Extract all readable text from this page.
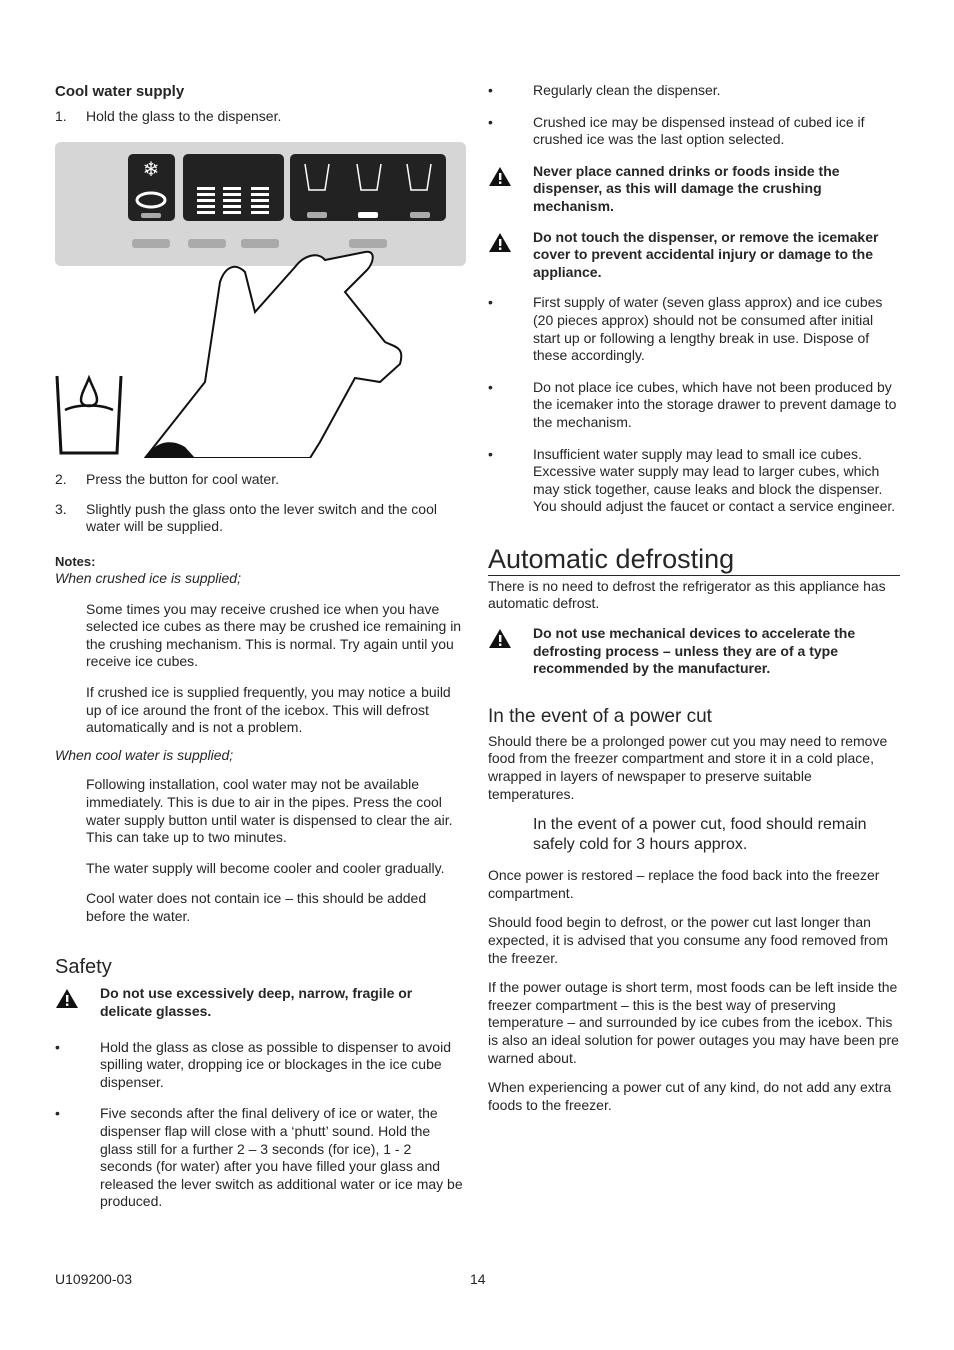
Cool water supply

1.	Hold the glass to the dispenser.
❄
2.	Press the button for cool water.
3.	Slightly push the glass onto the lever switch and the cool water will be supplied.

Notes:

When crushed ice is supplied;

Some times you may receive crushed ice when you have selected ice cubes as there may be crushed ice remaining in the crushing mechanism. This is normal. Try again until you receive ice cubes.

If crushed ice is supplied frequently, you may notice a build up of ice around the front of the icebox. This will defrost automatically and is not a problem.

When cool water is supplied;

Following installation, cool water may not be available immediately. This is due to air in the pipes. Press the cool water supply button until water is dispensed to clear the air. This can take up to two minutes.

The water supply will become cooler and cooler gradually.

Cool water does not contain ice – this should be added before the water.

Safety
Do not use excessively deep, narrow, fragile or delicate glasses.
•	Hold the glass as close as possible to dispenser to avoid spilling water, dropping ice or blockages in the ice cube dispenser.
•	Five seconds after the final delivery of ice or water, the dispenser flap will close with a ‘phutt’ sound. Hold the glass still for a further 2 – 3 seconds (for ice), 1 - 2 seconds (for water) after you have filled your glass and released the lever switch as additional water or ice may be produced.
•	Regularly clean the dispenser.
•	Crushed ice may be dispensed instead of cubed ice if crushed ice was the last option selected.
Never place canned drinks or foods inside the dispenser, as this will damage the crushing mechanism.
Do not touch the dispenser, or remove the icemaker cover to prevent accidental injury or damage to the appliance.
•	First supply of water (seven glass approx) and ice cubes (20 pieces approx) should not be consumed after initial start up or following a lengthy break in use. Dispose of these accordingly.
•	Do not place ice cubes, which have not been produced by the icemaker into the storage drawer to prevent damage to the mechanism.
•	Insufficient water supply may lead to small ice cubes. Excessive water supply may lead to larger cubes, which may stick together, cause leaks and block the dispenser. You should adjust the faucet or contact a service engineer.
Automatic defrosting

There is no need to defrost the refrigerator as this appliance has automatic defrost.

Do not use mechanical devices to accelerate the defrosting process – unless they are of a type recommended by the manufacturer.
In the event of a power cut

Should there be a prolonged power cut you may need to remove food from the freezer compartment and store it in a cold place, wrapped in layers of newspaper to preserve suitable temperatures.

In the event of a power cut, food should remain safely cold for 3 hours approx.

Once power is restored – replace the food back into the freezer compartment.

Should food begin to defrost, or the power cut last longer than expected, it is advised that you consume any food removed from the freezer.

If the power outage is short term, most foods can be left inside the freezer compartment – this is the best way of preserving temperature – and surrounded by ice cubes from the icebox. This is also an ideal solution for power outages you may have been pre warned about.

When experiencing a power cut of any kind, do not add any extra foods to the freezer.

U109200-03	14
